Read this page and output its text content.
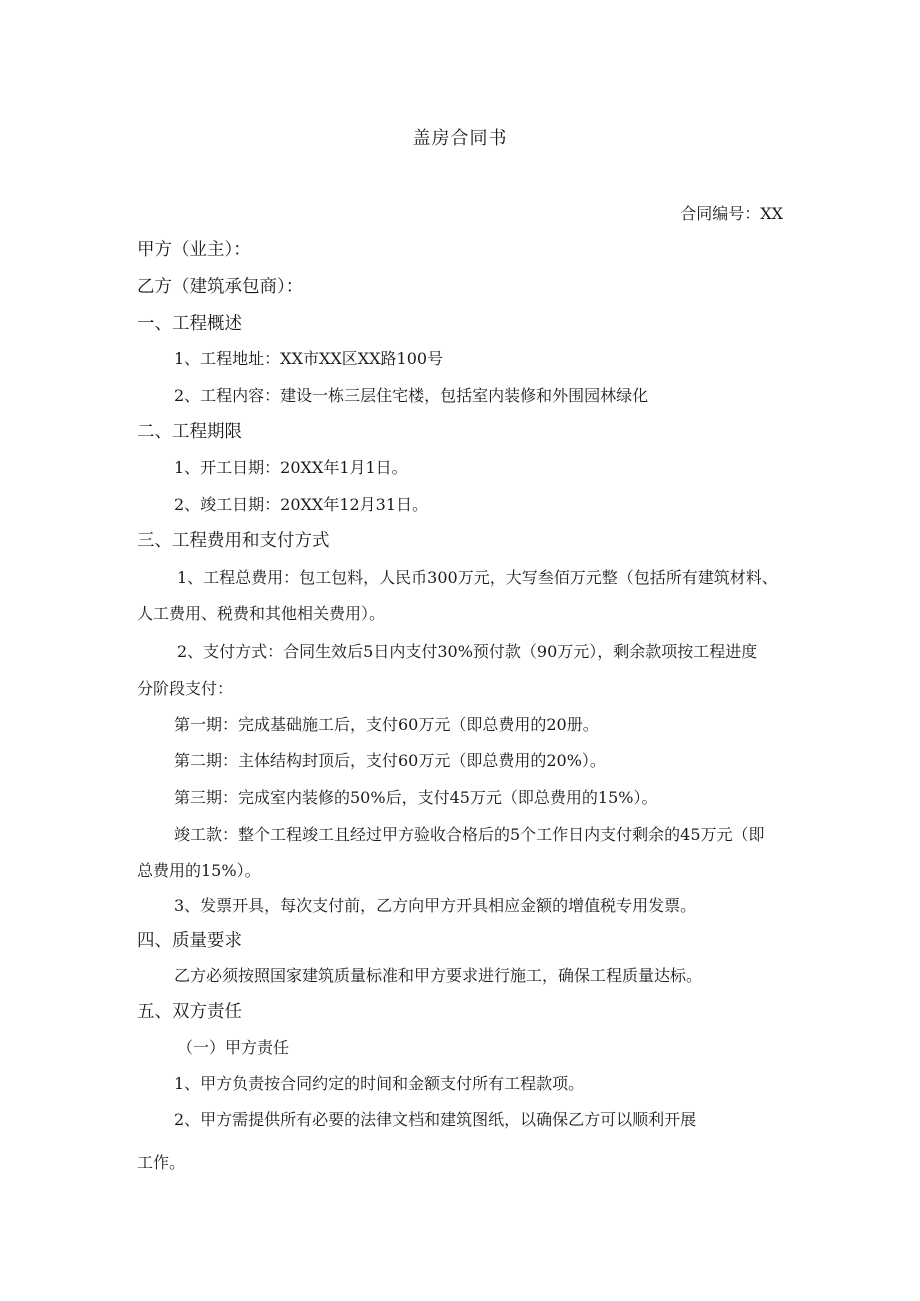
盖房合同书
合同编号：XX
甲方（业主）：
乙方（建筑承包商）：
一、工程概述
1、工程地址：XX市XX区XX路100号
2、工程内容：建设一栋三层住宅楼，包括室内装修和外围园林绿化
二、工程期限
1、开工日期：20XX年1月1日。
2、竣工日期：20XX年12月31日。
三、工程费用和支付方式
1、工程总费用：包工包料，人民币300万元，大写叁佰万元整（包括所有建筑材料、
人工费用、税费和其他相关费用）。
2、支付方式：合同生效后5日内支付30%预付款（90万元），剩余款项按工程进度
分阶段支付：
第一期：完成基础施工后，支付60万元（即总费用的20册。
第二期：主体结构封顶后，支付60万元（即总费用的20%）。
第三期：完成室内装修的50%后，支付45万元（即总费用的15%）。
竣工款：整个工程竣工且经过甲方验收合格后的5个工作日内支付剩余的45万元（即
总费用的15%）。
3、发票开具，每次支付前，乙方向甲方开具相应金额的增值税专用发票。
四、质量要求
乙方必须按照国家建筑质量标准和甲方要求进行施工，确保工程质量达标。
五、双方责任
（一）甲方责任
1、甲方负责按合同约定的时间和金额支付所有工程款项。
2、甲方需提供所有必要的法律文档和建筑图纸，以确保乙方可以顺利开展
工作。
